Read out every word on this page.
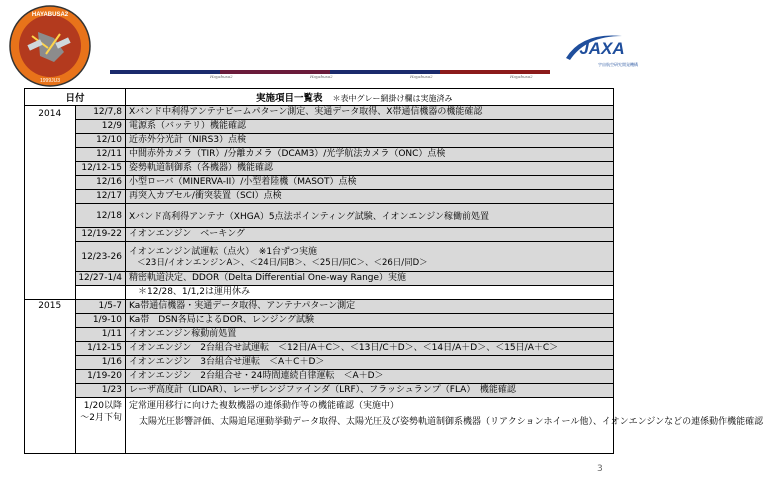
HAYABUSA2
1999JU3
JAXA
宇宙航空研究開発機構
Hayabusa2	Hayabusa2	Hayabusa2	Hayabusa2
日付		実施項目一覧表 ＊表中グレー網掛け欄は実施済み
2014	12/7,8	Xバンド中利得アンテナビームパターン測定、実通データ取得、X帯通信機器の機能確認
	12/9	電源系（バッテリ）機能確認
	12/10	近赤外分光計（NIRS3）点検
	12/11	中間赤外カメラ（TIR）/分離カメラ（DCAM3）/光学航法カメラ（ONC）点検
	12/12-15	姿勢軌道制御系（各機器）機能確認
	12/16	小型ローバ（MINERVA-II）/小型着陸機（MASOT）点検
	12/17	再突入カプセル/衝突装置（SCI）点検
	12/18	Xバンド高利得アンテナ（XHGA）5点法ポインティング試験、イオンエンジン稼働前処置
	12/19-22	イオンエンジン　ベーキング
	12/23-26	イオンエンジン試運転（点火）　※1台ずつ実施
＜23日/イオンエンジンA＞、＜24日/同B＞、＜25日/同C＞、＜26日/同D＞

	12/27-1/4	精密軌道決定、DDOR（Delta Differential One-way Range）実施
		＊12/28、1/1,2は運用休み
2015	1/5-7	Ka帯通信機器・実通データ取得、アンテナパターン測定
	1/9-10	Ka帯　DSN各局によるDOR、レンジング試験
	1/11	イオンエンジン稼動前処置
	1/12-15	イオンエンジン　2台組合せ試運転　＜12日/A＋C＞、＜13日/C＋D＞、＜14日/A＋D＞、＜15日/A＋C＞
	1/16	イオンエンジン　3台組合せ運転　＜A＋C＋D＞
	1/19-20	イオンエンジン　2台組合せ・24時間連続自律運転　＜A＋D＞
	1/23	レーザ高度計（LIDAR）、レーザレンジファインダ（LRF）、フラッシュランプ（FLA）　機能確認
	1/20以降
～2月下旬	定常運用移行に向けた複数機器の連係動作等の機能確認（実施中）
太陽光圧影響評価、太陽追尾運動挙動データ取得、太陽光圧及び姿勢軌道制御系機器（リアクションホイール他）、イオンエンジンなどの連係動作機能確認
3
